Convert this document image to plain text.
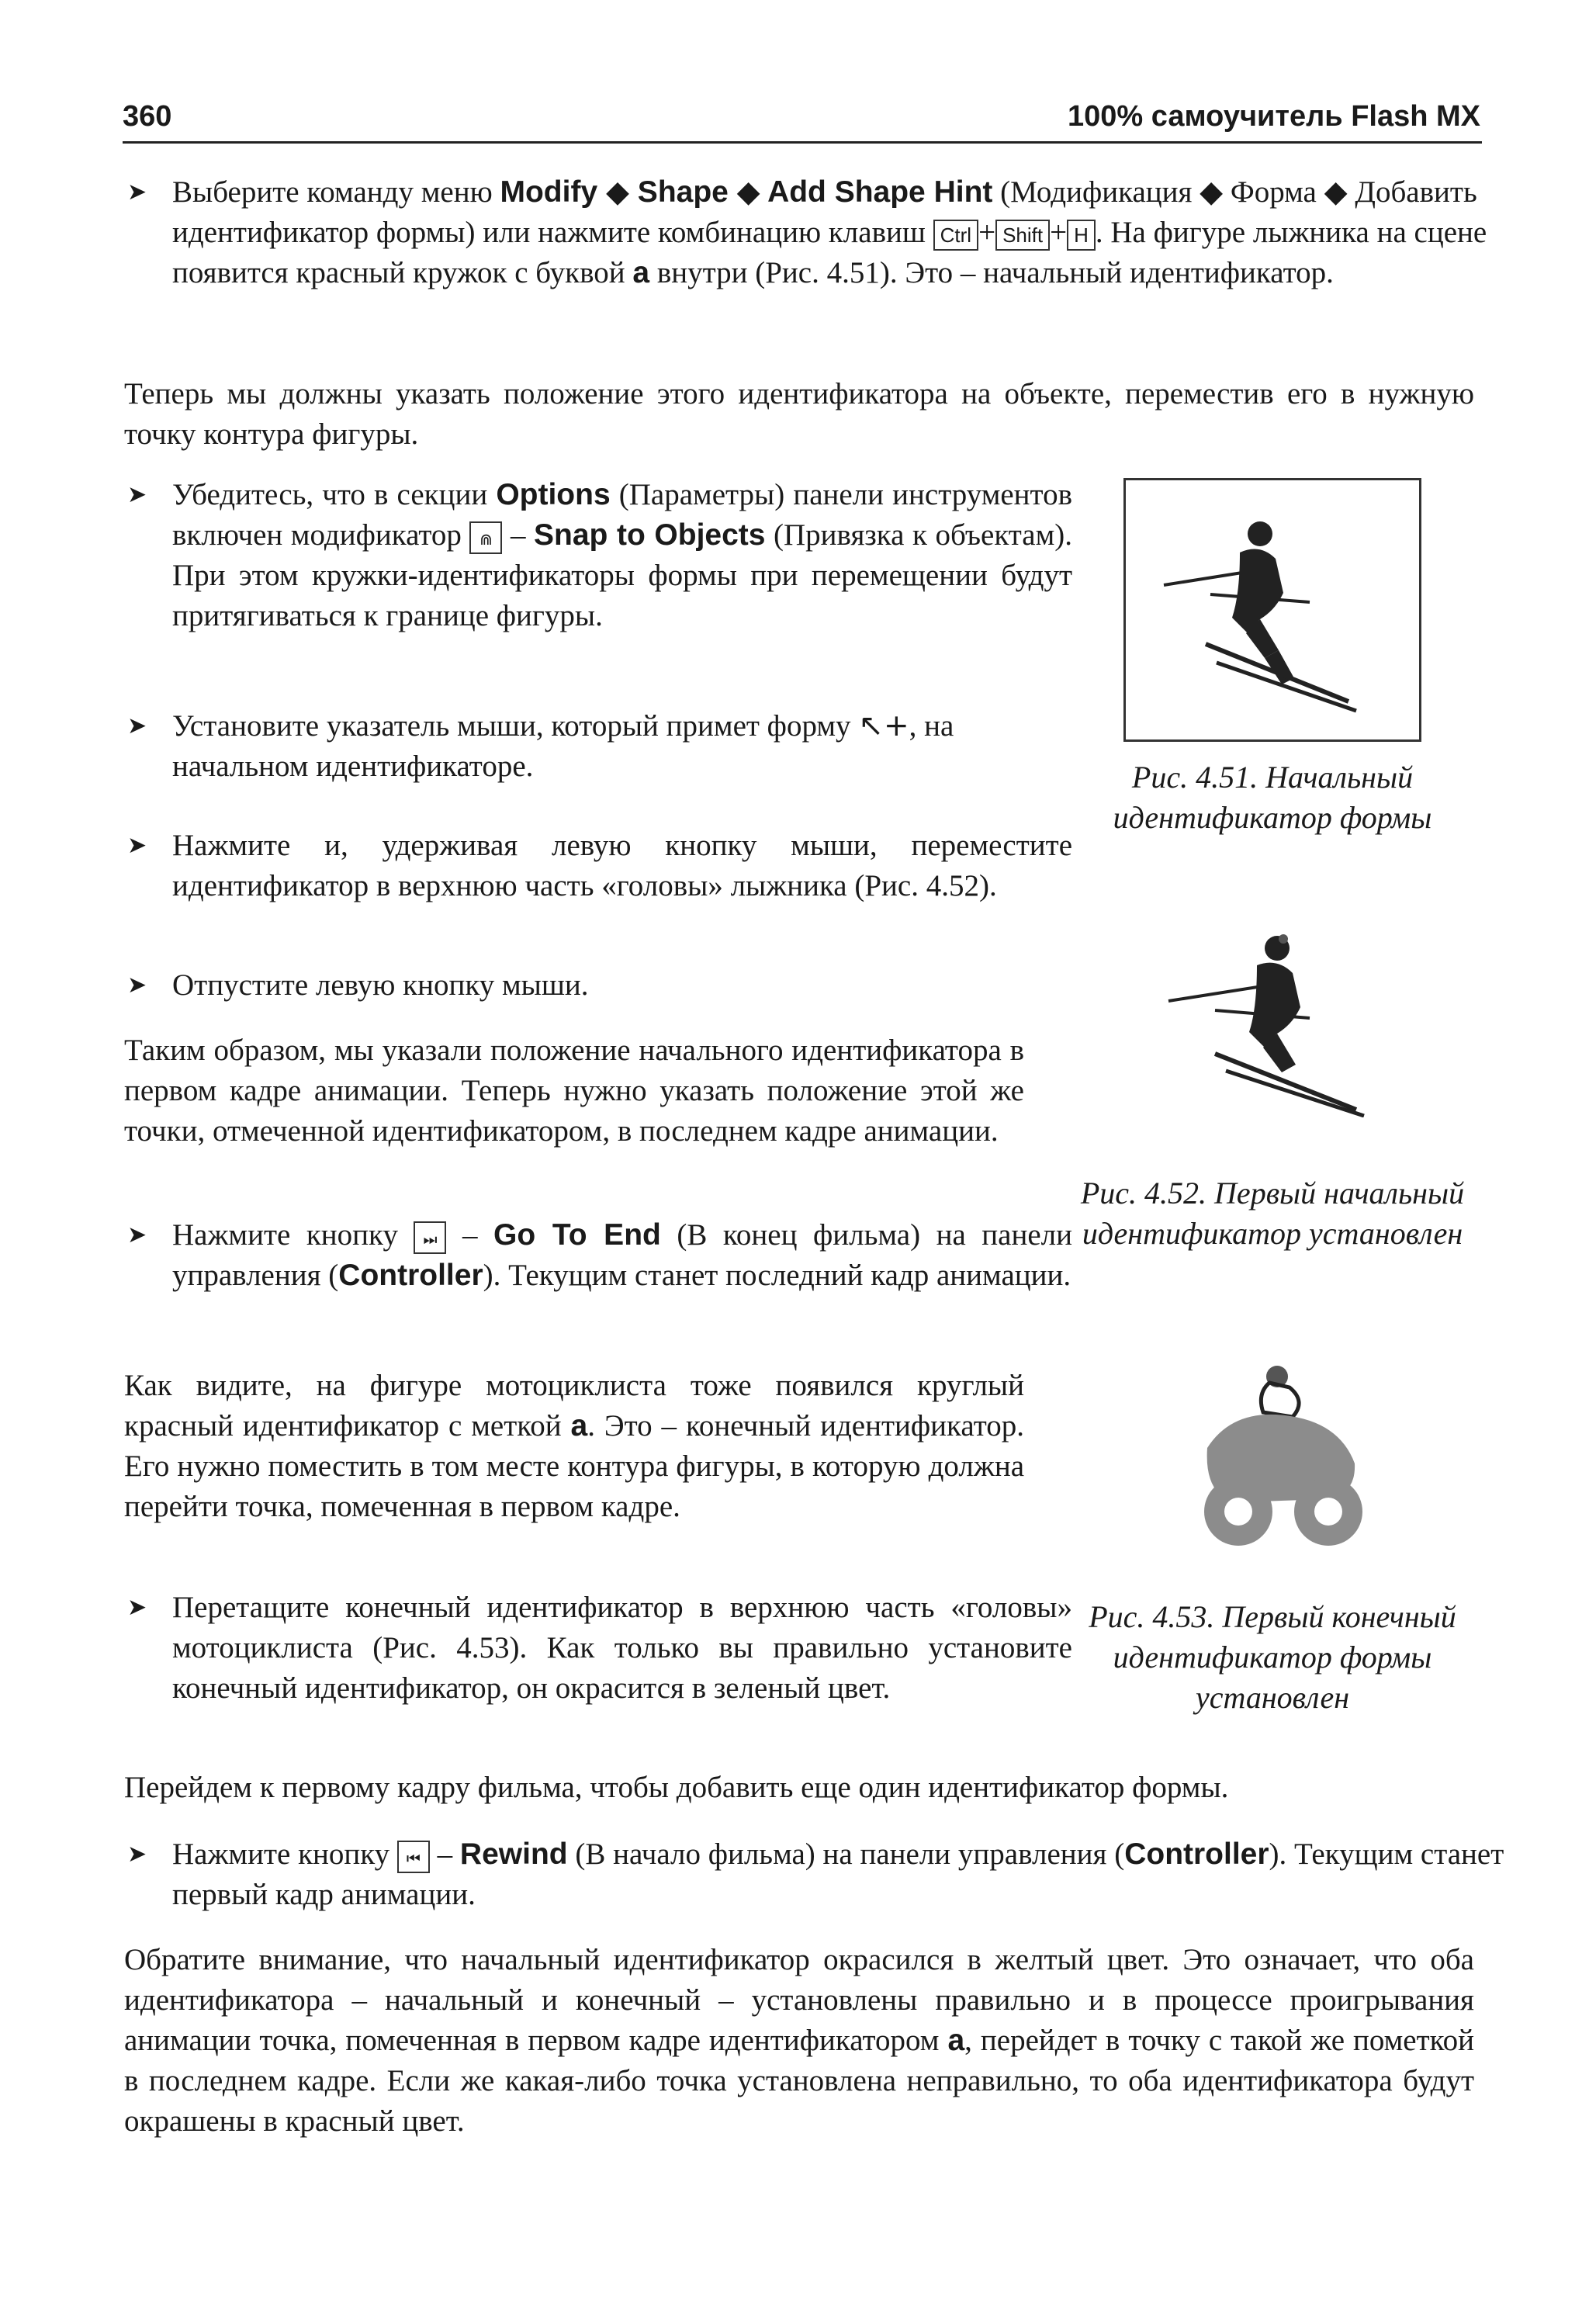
360	100% самоучитель Flash MX

➤ Выберите команду меню Modify ◆ Shape ◆ Add Shape Hint (Модификация ◆ Форма ◆ Добавить идентификатор формы) или нажмите комбинацию клавиш Ctrl + Shift + H . На фигуре лыжника на сцене появится красный кружок с буквой a внутри (Рис. 4.51). Это – начальный идентификатор.

Теперь мы должны указать положение этого идентификатора на объекте, переместив его в нужную точку контура фигуры.

➤ Убедитесь, что в секции Options (Параметры) панели инструментов включен модификатор ⋒ – Snap to Objects (Привязка к объектам). При этом кружки-идентификаторы формы при перемещении будут притягиваться к границе фигуры.

➤ Установите указатель мыши, который примет форму ↖+, на начальном идентификаторе.

➤ Нажмите и, удерживая левую кнопку мыши, переместите идентификатор в верхнюю часть «головы» лыжника (Рис. 4.52).

➤ Отпустите левую кнопку мыши.

Таким образом, мы указали положение начального идентификатора в первом кадре анимации. Теперь нужно указать положение этой же точки, отмеченной идентификатором, в последнем кадре анимации.

➤ Нажмите кнопку ⏭ – Go To End (В конец фильма) на панели управления (Controller). Текущим станет последний кадр анимации.

Как видите, на фигуре мотоциклиста тоже появился круглый красный идентификатор с меткой a. Это – конечный идентификатор. Его нужно поместить в том месте контура фигуры, в которую должна перейти точка, помеченная в первом кадре.

➤ Перетащите конечный идентификатор в верхнюю часть «головы» мотоциклиста (Рис. 4.53). Как только вы правильно установите конечный идентификатор, он окрасится в зеленый цвет.

Перейдем к первому кадру фильма, чтобы добавить еще один идентификатор формы.

➤ Нажмите кнопку ⏮ – Rewind (В начало фильма) на панели управления (Controller). Текущим станет первый кадр анимации.

Обратите внимание, что начальный идентификатор окрасился в желтый цвет. Это означает, что оба идентификатора – начальный и конечный – установлены правильно и в процессе проигрывания анимации точка, помеченная в первом кадре идентификатором a, перейдет в точку с такой же пометкой в последнем кадре. Если же какая-либо точка установлена неправильно, то оба идентификатора будут окрашены в красный цвет.

Рис. 4.51. Начальный идентификатор формы
Рис. 4.52. Первый начальный идентификатор установлен
Рис. 4.53. Первый конечный идентификатор формы установлен
